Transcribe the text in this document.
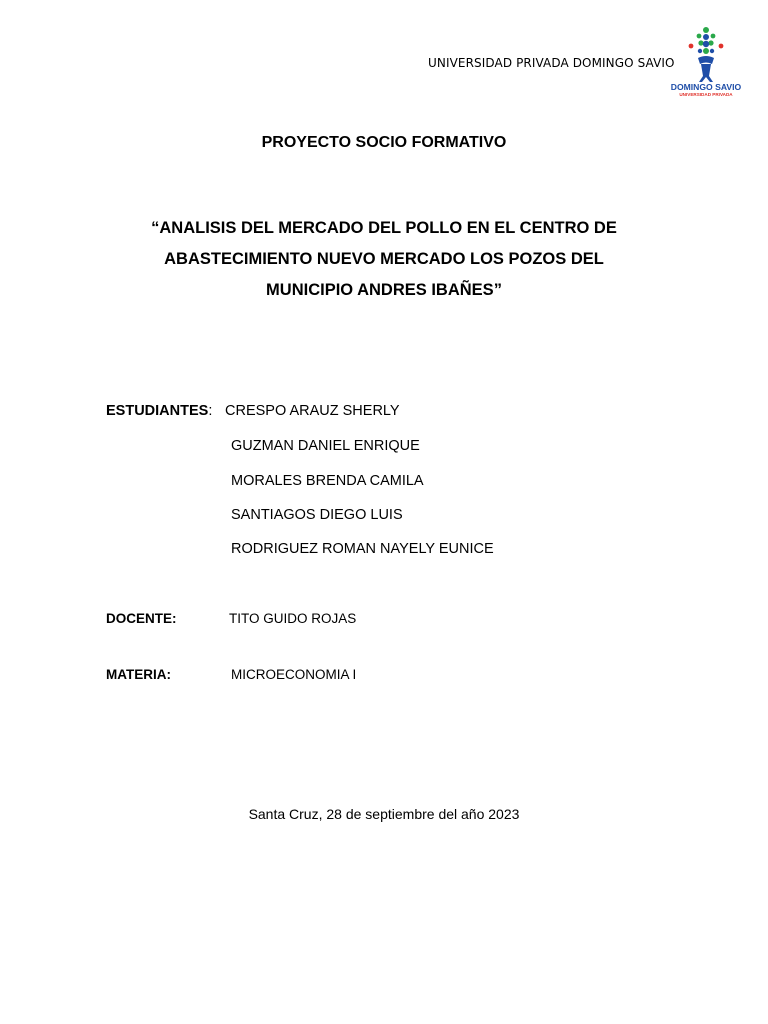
UNIVERSIDAD PRIVADA DOMINGO SAVIO
DOMINGO SAVIO
UNIVERSIDAD PRIVADA
PROYECTO SOCIO FORMATIVO
“ANALISIS DEL MERCADO DEL POLLO EN EL CENTRO DE
ABASTECIMIENTO NUEVO MERCADO LOS POZOS DEL
MUNICIPIO ANDRES IBAÑES”
ESTUDIANTES: CRESPO ARAUZ SHERLY
GUZMAN DANIEL ENRIQUE
MORALES BRENDA CAMILA
SANTIAGOS DIEGO LUIS
RODRIGUEZ ROMAN NAYELY EUNICE
DOCENTE:	TITO GUIDO ROJAS
MATERIA:	MICROECONOMIA I
Santa Cruz, 28 de septiembre del año 2023
